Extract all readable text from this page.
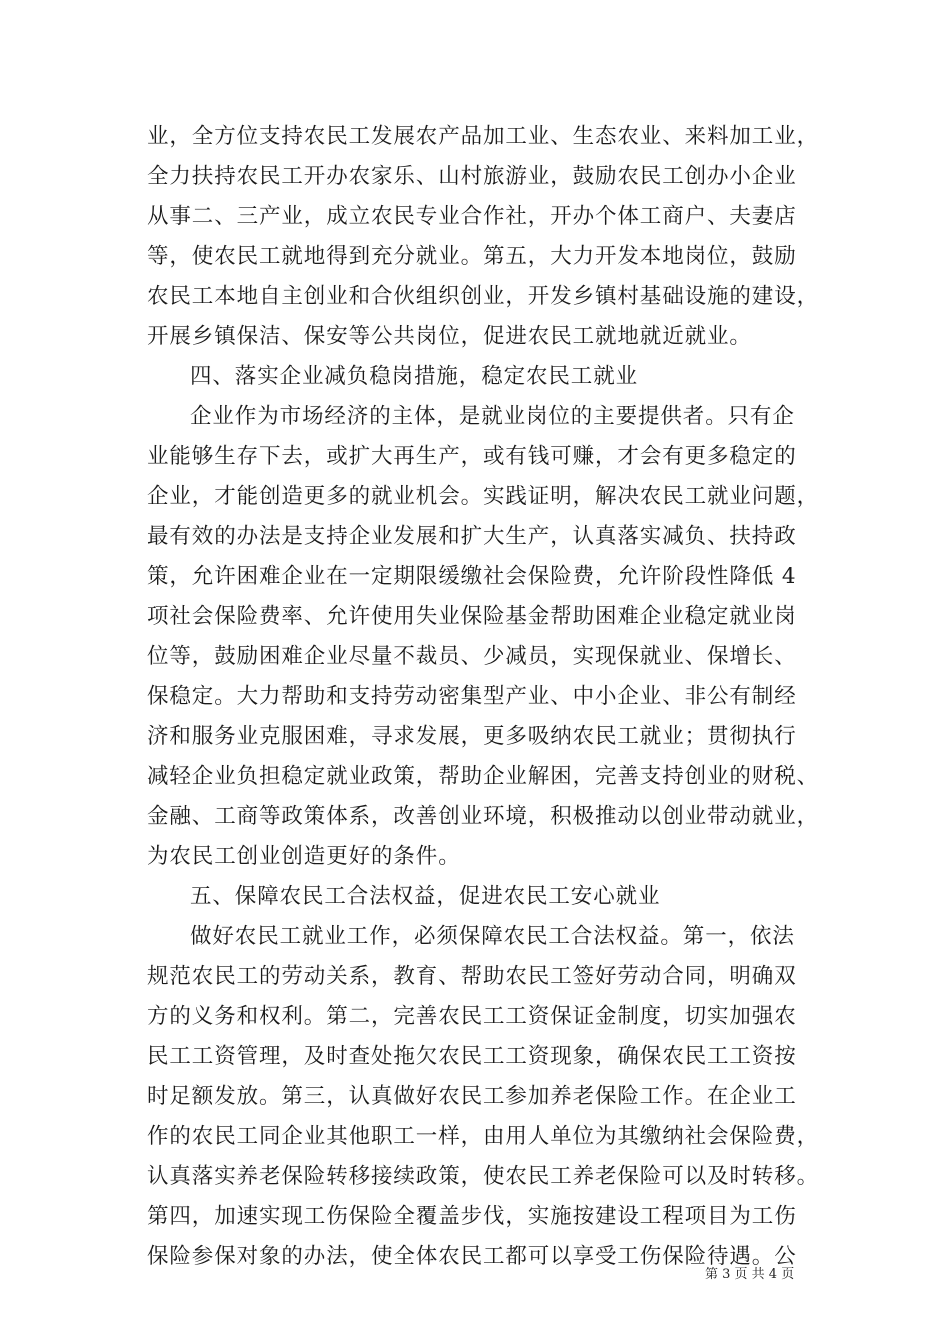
业，全方位支持农民工发展农产品加工业、生态农业、来料加工业，
全力扶持农民工开办农家乐、山村旅游业，鼓励农民工创办小企业
从事二、三产业，成立农民专业合作社，开办个体工商户、夫妻店
等，使农民工就地得到充分就业。第五，大力开发本地岗位，鼓励
农民工本地自主创业和合伙组织创业，开发乡镇村基础设施的建设，
开展乡镇保洁、保安等公共岗位，促进农民工就地就近就业。
四、落实企业减负稳岗措施，稳定农民工就业
企业作为市场经济的主体，是就业岗位的主要提供者。只有企
业能够生存下去，或扩大再生产，或有钱可赚，才会有更多稳定的
企业，才能创造更多的就业机会。实践证明，解决农民工就业问题，
最有效的办法是支持企业发展和扩大生产，认真落实减负、扶持政
策，允许困难企业在一定期限缓缴社会保险费，允许阶段性降低 4
项社会保险费率、允许使用失业保险基金帮助困难企业稳定就业岗
位等，鼓励困难企业尽量不裁员、少减员，实现保就业、保增长、
保稳定。大力帮助和支持劳动密集型产业、中小企业、非公有制经
济和服务业克服困难，寻求发展，更多吸纳农民工就业；贯彻执行
减轻企业负担稳定就业政策，帮助企业解困，完善支持创业的财税、
金融、工商等政策体系，改善创业环境，积极推动以创业带动就业，
为农民工创业创造更好的条件。
五、保障农民工合法权益，促进农民工安心就业
做好农民工就业工作，必须保障农民工合法权益。第一，依法
规范农民工的劳动关系，教育、帮助农民工签好劳动合同，明确双
方的义务和权利。第二，完善农民工工资保证金制度，切实加强农
民工工资管理，及时查处拖欠农民工工资现象，确保农民工工资按
时足额发放。第三，认真做好农民工参加养老保险工作。在企业工
作的农民工同企业其他职工一样，由用人单位为其缴纳社会保险费，
认真落实养老保险转移接续政策，使农民工养老保险可以及时转移。
第四，加速实现工伤保险全覆盖步伐，实施按建设工程项目为工伤
保险参保对象的办法，使全体农民工都可以享受工伤保险待遇。公
第 3 页 共 4 页
